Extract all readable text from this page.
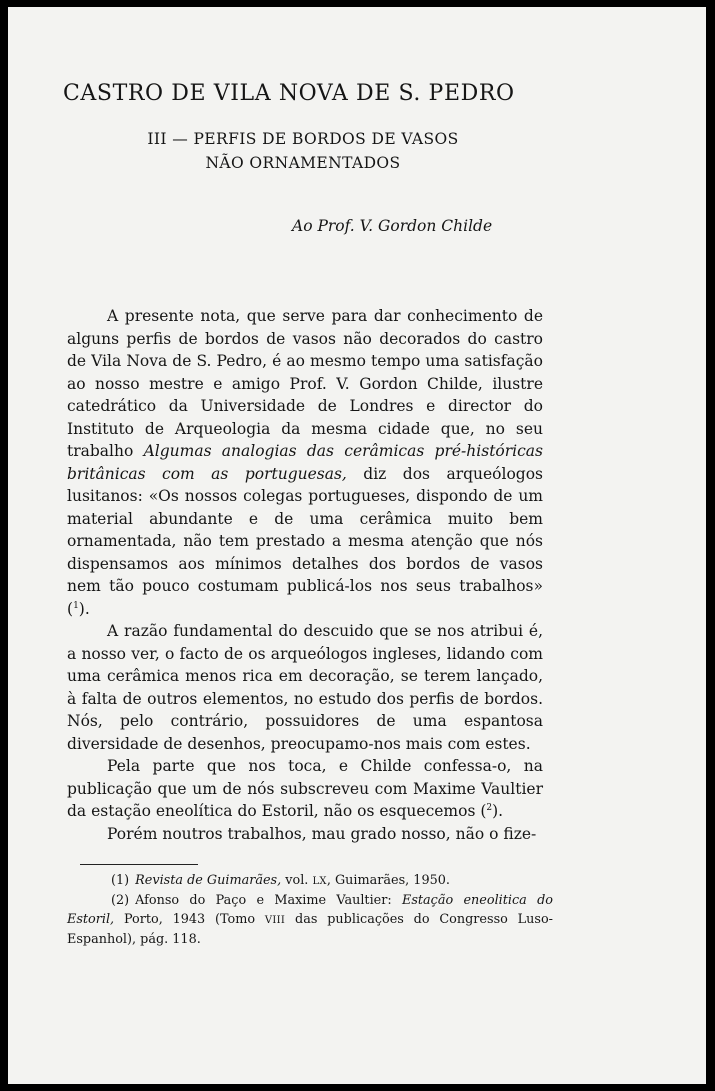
CASTRO DE VILA NOVA DE S. PEDRO
III — PERFIS DE BORDOS DE VASOS
NÃO ORNAMENTADOS
Ao Prof. V. Gordon Childe

A presente nota, que serve para dar conhecimento de alguns perfis de bordos de vasos não decorados do castro de Vila Nova de S. Pedro, é ao mesmo tempo uma satisfação ao nosso mestre e amigo Prof. V. Gordon Childe, ilustre catedrático da Universidade de Londres e director do Instituto de Arqueologia da mesma cidade que, no seu trabalho Algumas analogias das cerâmicas pré-históricas britânicas com as portuguesas, diz dos arqueólogos lusitanos: «Os nossos colegas portugueses, dispondo de um material abundante e de uma cerâmica muito bem ornamentada, não tem prestado a mesma atenção que nós dispensamos aos mínimos detalhes dos bordos de vasos nem tão pouco costumam publicá-los nos seus trabalhos» ($^1$).

A razão fundamental do descuido que se nos atribui é, a nosso ver, o facto de os arqueólogos ingleses, lidando com uma cerâmica menos rica em decoração, se terem lançado, à falta de outros elementos, no estudo dos perfis de bordos. Nós, pelo contrário, possuidores de uma espantosa diversidade de desenhos, preocupamo-nos mais com estes.

Pela parte que nos toca, e Childe confessa-o, na publicação que um de nós subscreveu com Maxime Vaultier da estação eneolítica do Estoril, não os esquecemos ($^2$).

Porém noutros trabalhos, mau grado nosso, não o fize-

(1) Revista de Guimarães, vol. LX, Guimarães, 1950.

(2) Afonso do Paço e Maxime Vaultier: Estação eneolitica do Estoril, Porto, 1943 (Tomo VIII das publicações do Congresso Luso-Espanhol), pág. 118.
